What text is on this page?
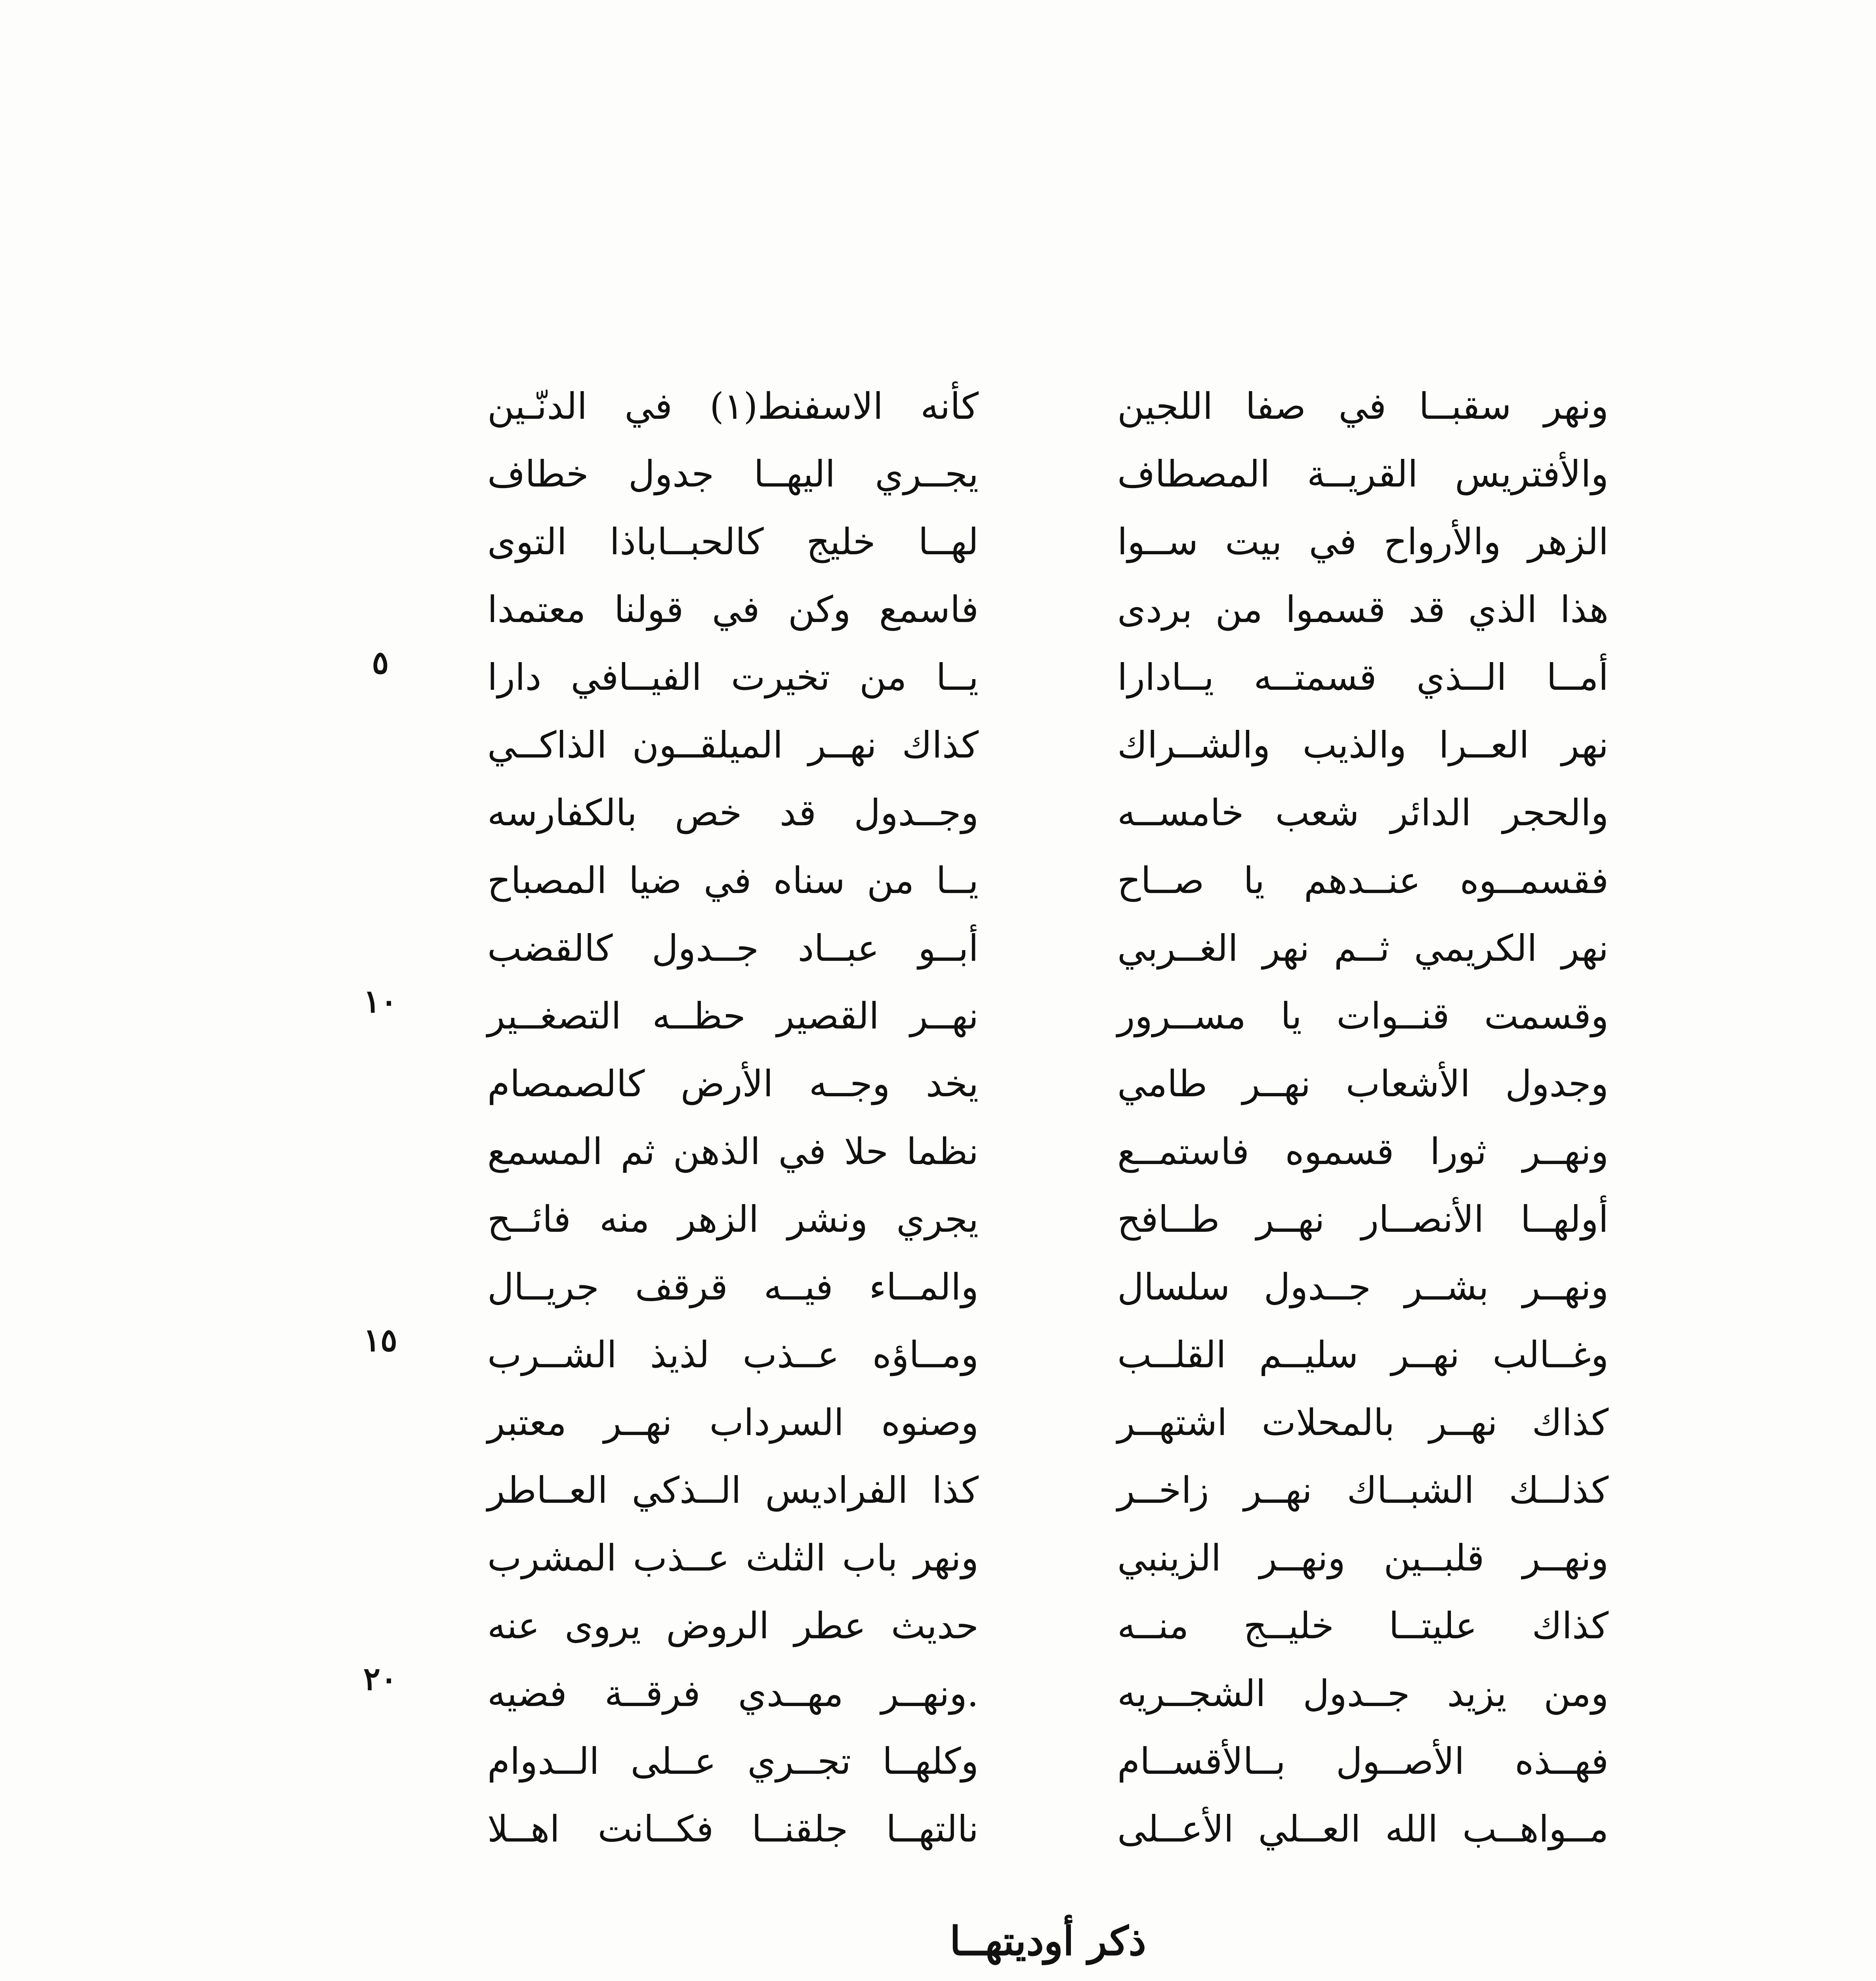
ونهر سقبــا في صفا اللجين
كأنه الاسفنط(١) في الدنّـين
والأفتريس القريــة المصطاف
يجــري اليهــا جدول خطاف
الزهر والأرواح في بيت ســوا
لهــا خليج كالحبــاباذا التوى
هذا الذي قد قسموا من بردى
فاسمع وكن في قولنا معتمدا
أمــا الــذي قسمتــه يــادارا
يــا من تخيرت الفيــافي دارا
نهر العــرا والذيب والشــراك
كذاك نهــر الميلقــون الذاكــي
والحجر الدائر شعب خامســه
وجــدول قد خص بالكفارسه
فقسمــوه عنــدهم يا صــاح
يــا من سناه في ضيا المصباح
نهر الكريمي ثــم نهر الغــربي
أبــو عبــاد جــدول كالقضب
وقسمت قنــوات يا مســرور
نهــر القصير حظــه التصغــير
وجدول الأشعاب نهــر طامي
يخد وجــه الأرض كالصمصام
ونهــر ثورا قسموه فاستمــع
نظما حلا في الذهن ثم المسمع
أولهــا الأنصــار نهــر طــافح
يجري ونشر الزهر منه فائــح
ونهــر بشــر جــدول سلسال
والمــاء فيــه قرقف جريــال
وغــالب نهــر سليــم القلــب
ومــاؤه عــذب لذيذ الشــرب
كذاك نهــر بالمحلات اشتهــر
وصنوه السرداب نهــر معتبر
كذلــك الشبــاك نهــر زاخــر
كذا الفراديس الــذكي العــاطر
ونهــر قلبــين ونهــر الزينبي
ونهر باب الثلث عــذب المشرب
كذاك عليتــا خليــج منــه
حديث عطر الروض يروى عنه
ومن يزيد جــدول الشجــريه
.ونهــر مهــدي فرقــة فضيه
فهــذه الأصــول بــالأقســام
وكلهــا تجــري عــلى الــدوام
مــواهــب الله العــلي الأعــلى
نالتهــا جلقنــا فكــانت اهــلا
٥
١٠
١٥
٢٠
ذكر أوديتهــا
